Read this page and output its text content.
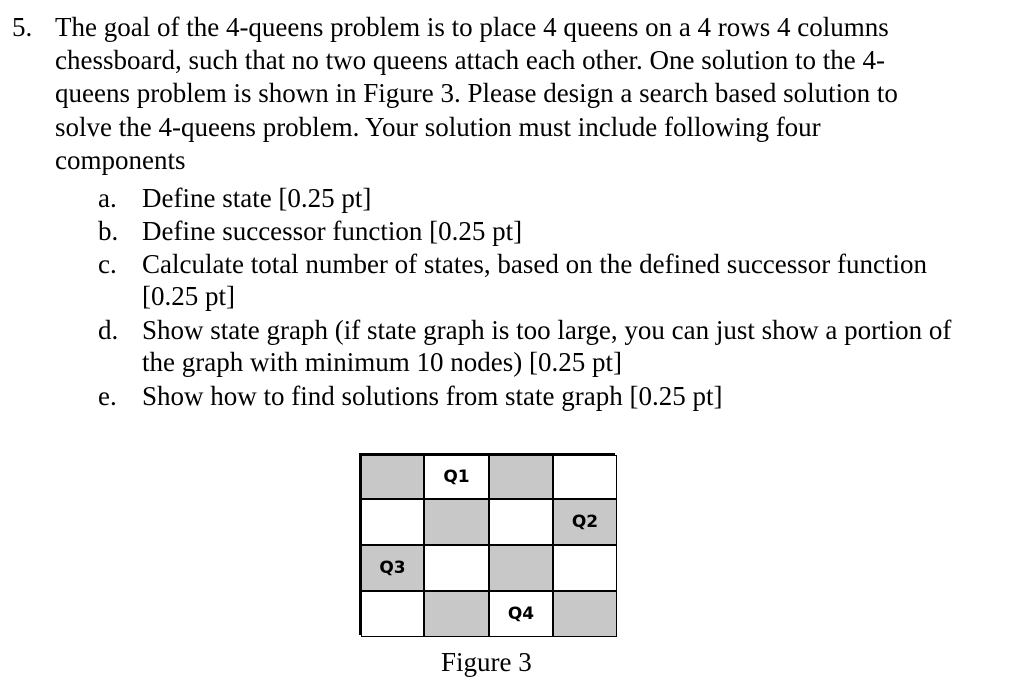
5. The goal of the 4-queens problem is to place 4 queens on a 4 rows 4 columns
chessboard, such that no two queens attach each other. One solution to the 4-
queens problem is shown in Figure 3. Please design a search based solution to
solve the 4-queens problem. Your solution must include following four
components
a. Define state [0.25 pt]
b. Define successor function [0.25 pt]
c. Calculate total number of states, based on the defined successor function
[0.25 pt]
d. Show state graph (if state graph is too large, you can just show a portion of
the graph with minimum 10 nodes) [0.25 pt]
e. Show how to find solutions from state graph [0.25 pt]
Q1
Q2
Q3
Q4
Figure 3
